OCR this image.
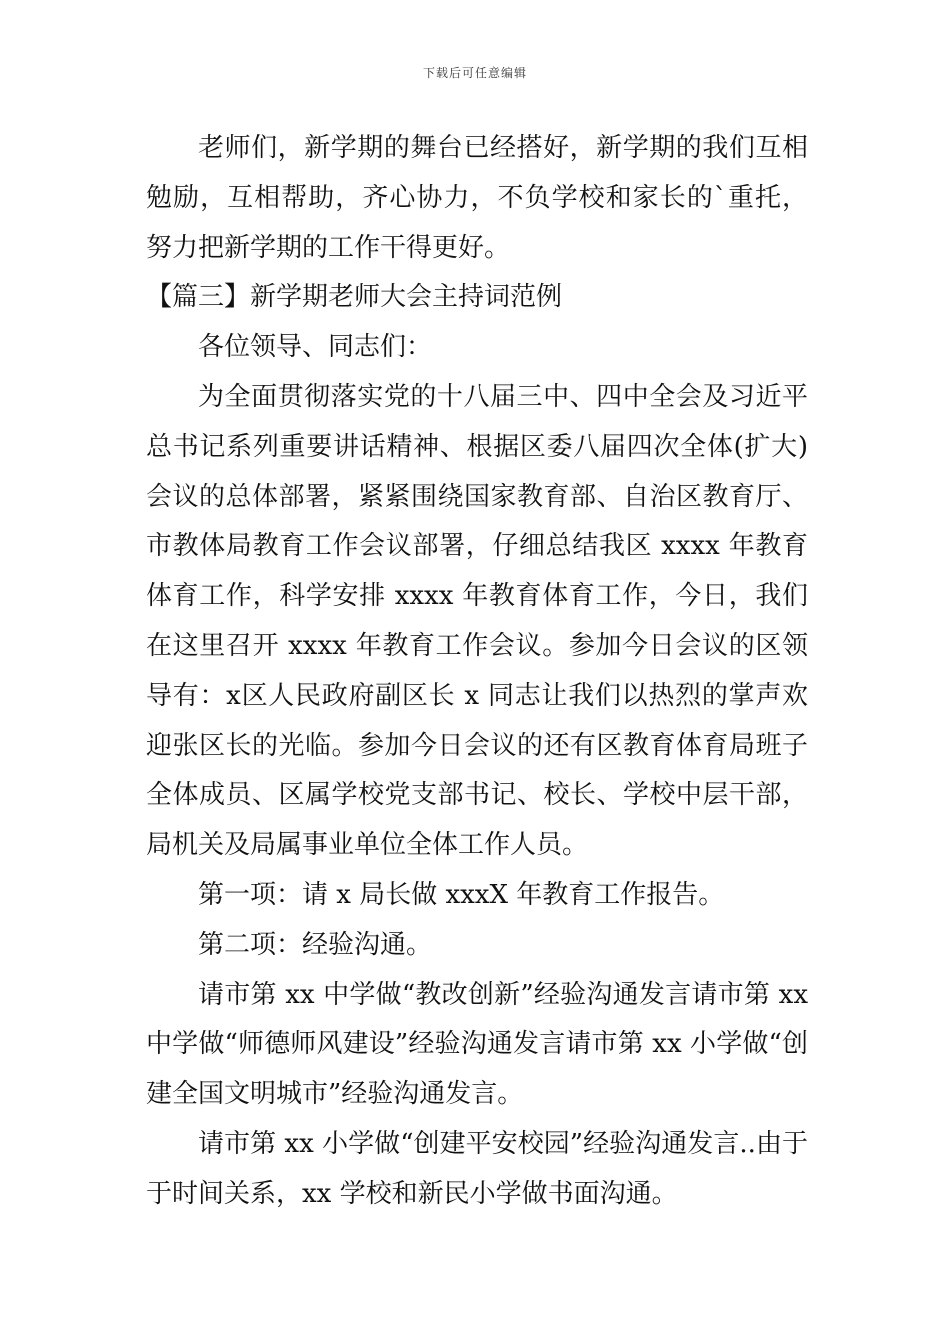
下载后可任意编辑

老师们，新学期的舞台已经搭好，新学期的我们互相勉励，互相帮助，齐心协力，不负学校和家长的`重托，努力把新学期的工作干得更好。

【篇三】新学期老师大会主持词范例

各位领导、同志们：

为全面贯彻落实党的十八届三中、四中全会及习近平总书记系列重要讲话精神、根据区委八届四次全体(扩大)会议的总体部署，紧紧围绕国家教育部、自治区教育厅、市教体局教育工作会议部署，仔细总结我区 xxxx 年教育体育工作，科学安排 xxxx 年教育体育工作，今日，我们在这里召开 xxxx 年教育工作会议。参加今日会议的区领导有：x区人民政府副区长 x 同志让我们以热烈的掌声欢迎张区长的光临。参加今日会议的还有区教育体育局班子全体成员、区属学校党支部书记、校长、学校中层干部，局机关及局属事业单位全体工作人员。

第一项：请 x 局长做 xxxX 年教育工作报告。

第二项：经验沟通。

请市第 xx 中学做“教改创新”经验沟通发言请市第 xx 中学做“师德师风建设”经验沟通发言请市第 xx 小学做“创建全国文明城市”经验沟通发言。

请市第 xx 小学做“创建平安校园”经验沟通发言..由于于时间关系，xx 学校和新民小学做书面沟通。
